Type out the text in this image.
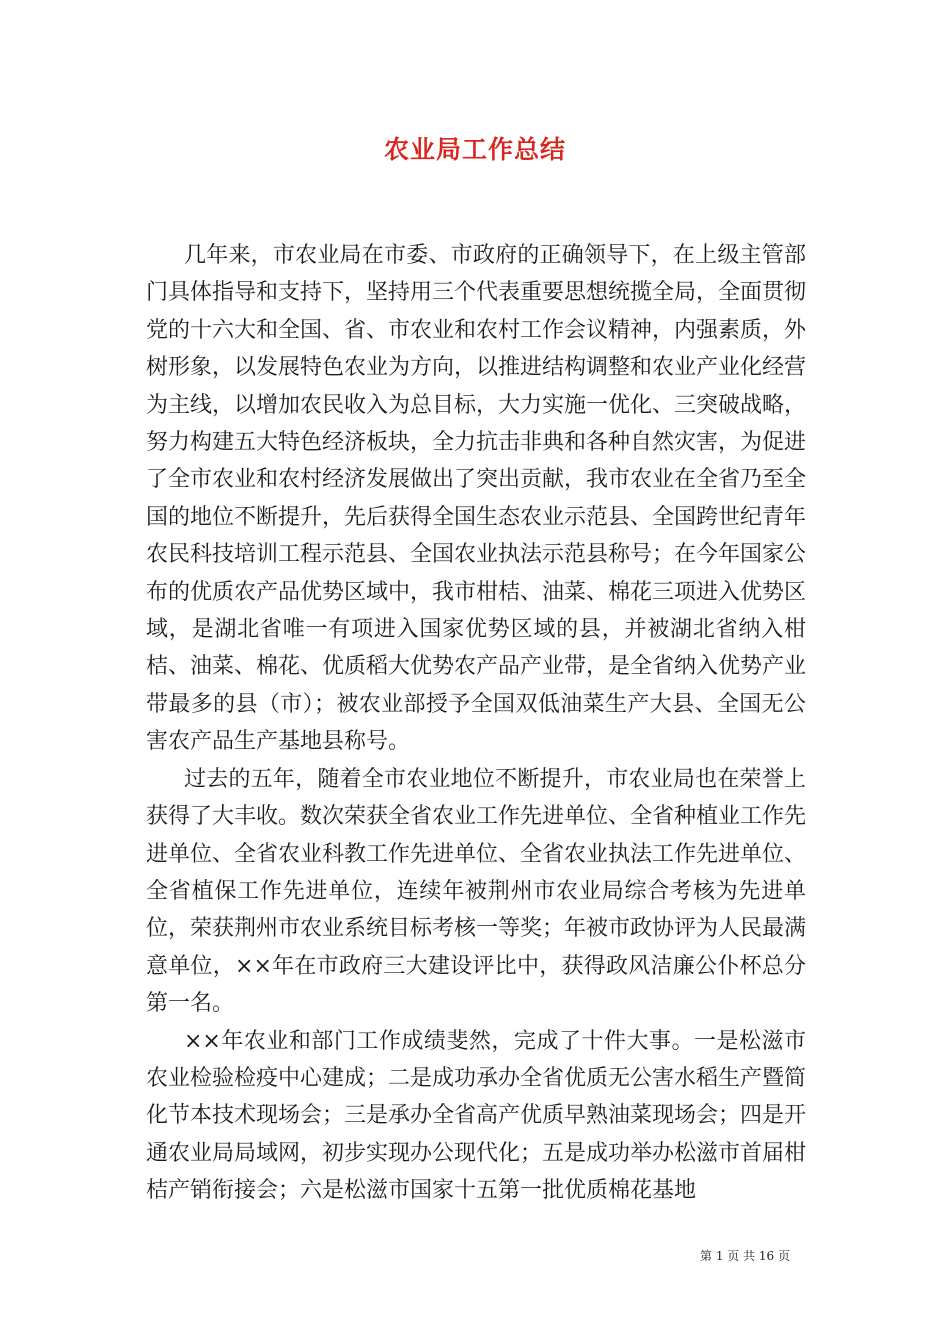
农业局工作总结

几年来，市农业局在市委、市政府的正确领导下，在上级主管部门具体指导和支持下，坚持用三个代表重要思想统揽全局，全面贯彻党的十六大和全国、省、市农业和农村工作会议精神，内强素质，外树形象，以发展特色农业为方向，以推进结构调整和农业产业化经营为主线，以增加农民收入为总目标，大力实施一优化、三突破战略，努力构建五大特色经济板块，全力抗击非典和各种自然灾害，为促进了全市农业和农村经济发展做出了突出贡献，我市农业在全省乃至全国的地位不断提升，先后获得全国生态农业示范县、全国跨世纪青年农民科技培训工程示范县、全国农业执法示范县称号；在今年国家公布的优质农产品优势区域中，我市柑桔、油菜、棉花三项进入优势区域，是湖北省唯一有项进入国家优势区域的县，并被湖北省纳入柑桔、油菜、棉花、优质稻大优势农产品产业带，是全省纳入优势产业带最多的县（市）；被农业部授予全国双低油菜生产大县、全国无公害农产品生产基地县称号。

过去的五年，随着全市农业地位不断提升，市农业局也在荣誉上获得了大丰收。数次荣获全省农业工作先进单位、全省种植业工作先进单位、全省农业科教工作先进单位、全省农业执法工作先进单位、全省植保工作先进单位，连续年被荆州市农业局综合考核为先进单位，荣获荆州市农业系统目标考核一等奖；年被市政协评为人民最满意单位，××年在市政府三大建设评比中，获得政风洁廉公仆杯总分第一名。

××年农业和部门工作成绩斐然，完成了十件大事。一是松滋市农业检验检疫中心建成；二是成功承办全省优质无公害水稻生产暨简化节本技术现场会；三是承办全省高产优质早熟油菜现场会；四是开通农业局局域网，初步实现办公现代化；五是成功举办松滋市首届柑桔产销衔接会；六是松滋市国家十五第一批优质棉花基地

第 1 页 共 16 页
